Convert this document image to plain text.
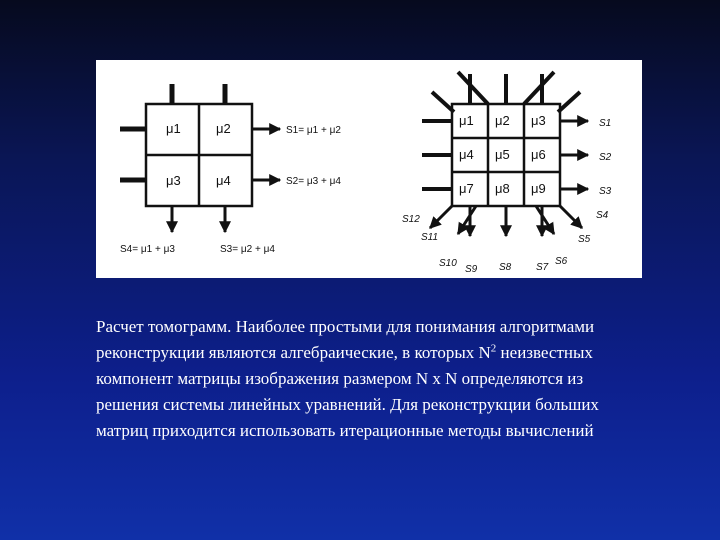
μ1	μ2
μ3	μ4
S1= μ1 + μ2
S2= μ3 + μ4
S4= μ1 + μ3	S3= μ2 + μ4
μ1 μ2 μ3
μ4 μ5 μ6
μ7 μ8 μ9
S1
S2
S3
S4
S5
S6
S7
S8
S9
S10
S11
S12
Расчет томограмм. Наиболее простыми для понимания алгоритмами реконструкции являются алгебраические, в которых $N^2$ неизвестных компонент матрицы изображения размером N x N определяются из решения системы линейных уравнений. Для реконструкции больших матриц приходится использовать итерационные методы вычислений
